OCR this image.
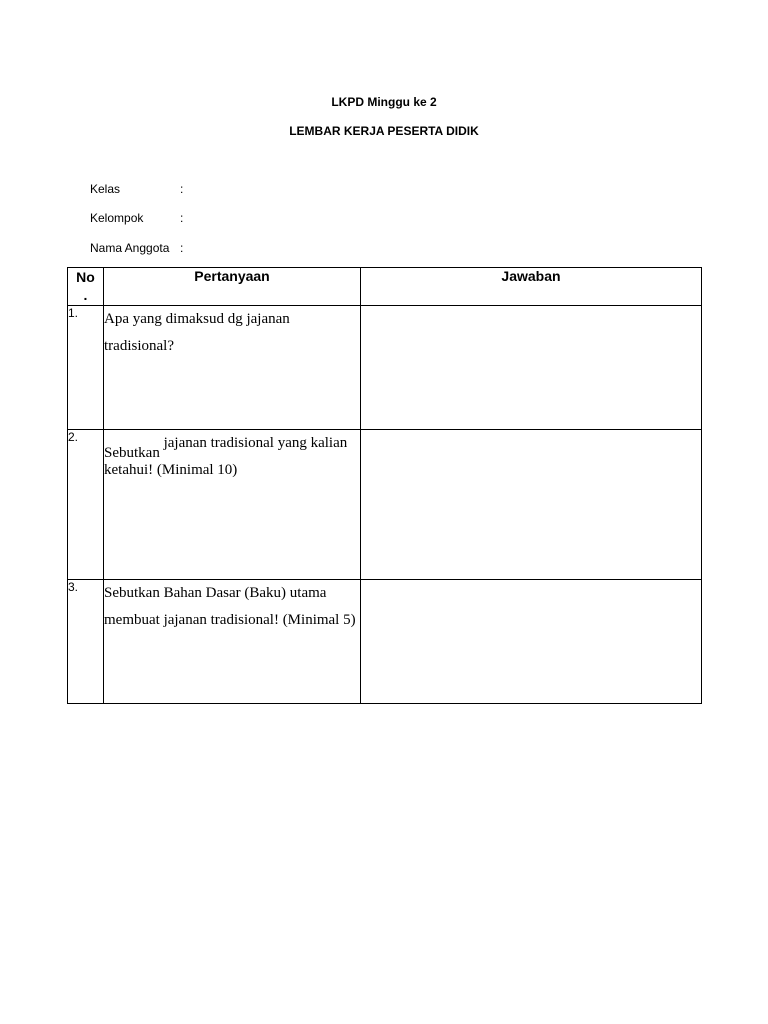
LKPD Minggu ke 2
LEMBAR KERJA PESERTA DIDIK
Kelas	:
Kelompok	:
Nama Anggota :
No
.	Pertanyaan	Jawaban
1.	Apa yang dimaksud dg jajanan tradisional?	
2.	Sebutkan jajanan tradisional yang kalian ketahui! (Minimal 10)	
3.	Sebutkan Bahan Dasar (Baku) utama membuat jajanan tradisional! (Minimal 5)	
